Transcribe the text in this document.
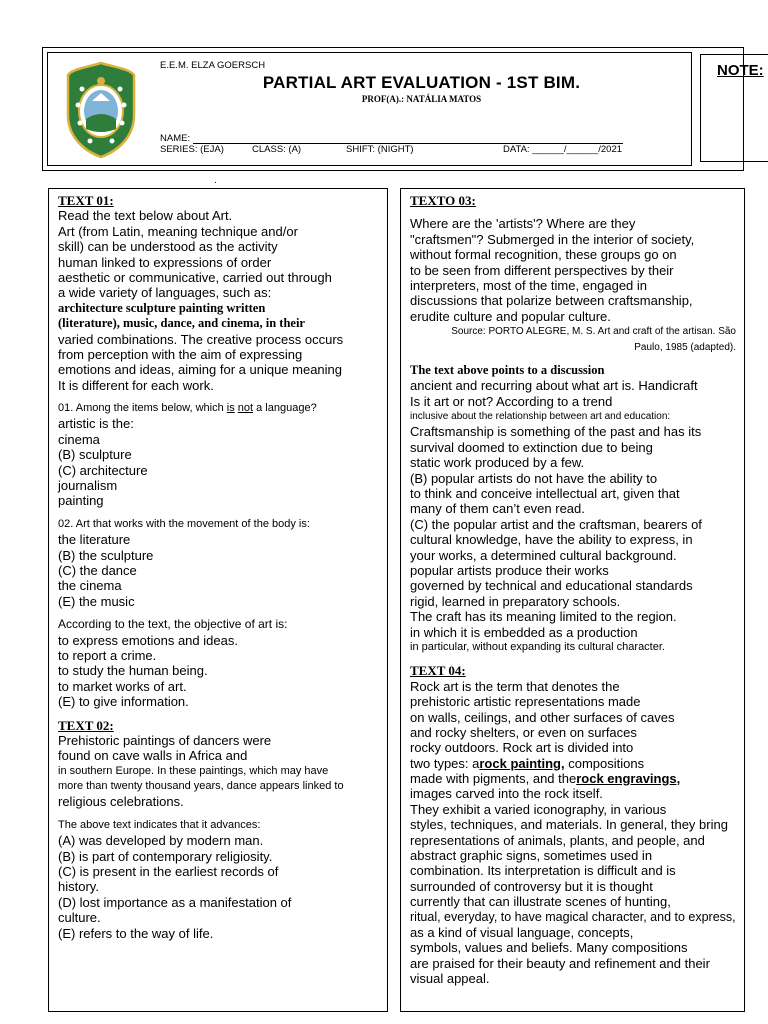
E.E.M. ELZA GOERSCH
PARTIAL ART EVALUATION - 1ST BIM.
PROF(A).: NATÁLIA MATOS
NAME:
SERIES: (EJA)	CLASS: (A)	SHIFT: (NIGHT)	DATA: ______/______/2021
NOTE:
.
TEXT 01:
Read the text below about Art.
Art (from Latin, meaning technique and/or
skill) can be understood as the activity
human linked to expressions of order
aesthetic or communicative, carried out through
a wide variety of languages, such as:
architecture sculpture painting written
(literature), music, dance, and cinema, in their
varied combinations. The creative process occurs
from perception with the aim of expressing
emotions and ideas, aiming for a unique meaning
It is different for each work.
01. Among the items below, which is not a language?
artistic is the:
cinema
(B) sculpture
(C) architecture
journalism
painting
02. Art that works with the movement of the body is:
the literature
(B) the sculpture
(C) the dance
the cinema
(E) the music
According to the text, the objective of art is:
to express emotions and ideas.
to report a crime.
to study the human being.
to market works of art.
(E) to give information.
TEXT 02:
Prehistoric paintings of dancers were
found on cave walls in Africa and
in southern Europe. In these paintings, which may have
more than twenty thousand years, dance appears linked to
religious celebrations.
The above text indicates that it advances:
(A) was developed by modern man.
(B) is part of contemporary religiosity.
(C) is present in the earliest records of
history.
(D) lost importance as a manifestation of
culture.
(E) refers to the way of life.
TEXTO 03:
Where are the 'artists'? Where are they
"craftsmen"? Submerged in the interior of society,
without formal recognition, these groups go on
to be seen from different perspectives by their
interpreters, most of the time, engaged in
discussions that polarize between craftsmanship,
erudite culture and popular culture.
Source: PORTO ALEGRE, M. S. Art and craft of the artisan. São
Paulo, 1985 (adapted).
The text above points to a discussion
ancient and recurring about what art is. Handicraft
Is it art or not? According to a trend
inclusive about the relationship between art and education:
Craftsmanship is something of the past and has its
survival doomed to extinction due to being
static work produced by a few.
(B) popular artists do not have the ability to
to think and conceive intellectual art, given that
many of them can’t even read.
(C) the popular artist and the craftsman, bearers of
cultural knowledge, have the ability to express, in
your works, a determined cultural background.
popular artists produce their works
governed by technical and educational standards
rigid, learned in preparatory schools.
The craft has its meaning limited to the region.
in which it is embedded as a production
in particular, without expanding its cultural character.
TEXT 04:
Rock art is the term that denotes the
prehistoric artistic representations made
on walls, ceilings, and other surfaces of caves
and rocky shelters, or even on surfaces
rocky outdoors. Rock art is divided into
two types: arock painting, compositions
made with pigments, and therock engravings,
images carved into the rock itself.
They exhibit a varied iconography, in various
styles, techniques, and materials. In general, they bring
representations of animals, plants, and people, and
abstract graphic signs, sometimes used in
combination. Its interpretation is difficult and is
surrounded of controversy but it is thought
currently that can illustrate scenes of hunting,
ritual, everyday, to have magical character, and to express,
as a kind of visual language, concepts,
symbols, values and beliefs. Many compositions
are praised for their beauty and refinement and their
visual appeal.
